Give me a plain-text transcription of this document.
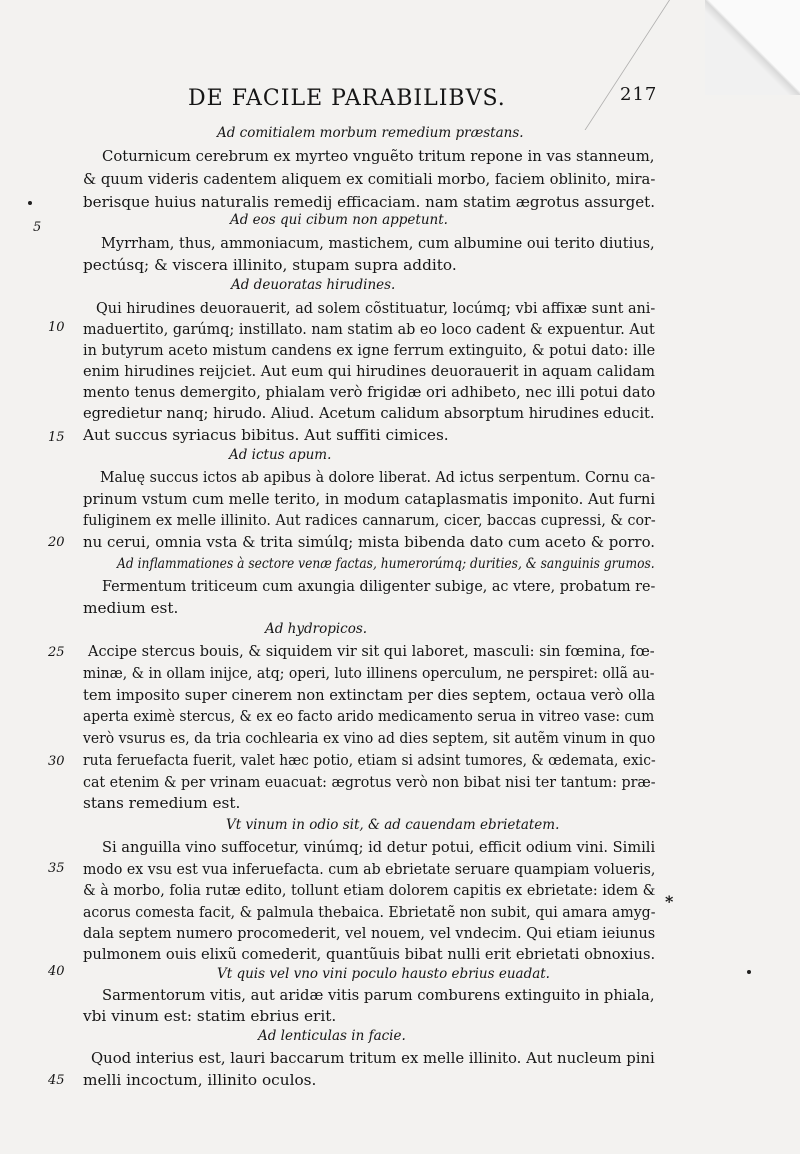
DE FACILE PARABILIBVS.	217
Ad comitialem morbum remedium præstans.
Coturnicum cerebrum ex myrteo vnguẽto tritum repone in vas stanneum,
& quum videris cadentem aliquem ex comitiali morbo, faciem oblinito, mira-
berisque huius naturalis remedij efficaciam. nam statim ægrotus assurget.
Ad eos qui cibum non appetunt.
Myrrham, thus, ammoniacum, mastichem, cum albumine oui terito diutius,
pectúsq; & viscera illinito, stupam supra addito.
Ad deuoratas hirudines.
Qui hirudines deuorauerit, ad solem cõstituatur, locúmq; vbi affixæ sunt ani-
maduertito, garúmq; instillato. nam statim ab eo loco cadent & expuentur. Aut
in butyrum aceto mistum candens ex igne ferrum extinguito, & potui dato: ille
enim hirudines reijciet. Aut eum qui hirudines deuorauerit in aquam calidam
mento tenus demergito, phialam verò frigidæ ori adhibeto, nec illi potui dato
egredietur nanq; hirudo. Aliud. Acetum calidum absorptum hirudines educit.
Aut succus syriacus bibitus. Aut suffiti cimices.
Ad ictus apum.
Maluę succus ictos ab apibus à dolore liberat. Ad ictus serpentum. Cornu ca-
prinum vstum cum melle terito, in modum cataplasmatis imponito. Aut furni
fuliginem ex melle illinito. Aut radices cannarum, cicer, baccas cupressi, & cor-
nu cerui, omnia vsta & trita simúlq; mista bibenda dato cum aceto & porro.
Ad inflammationes à sectore venæ factas, humerorúmq; durities, & sanguinis grumos.
Fermentum triticeum cum axungia diligenter subige, ac vtere, probatum re-
medium est.
Ad hydropicos.
Accipe stercus bouis, & siquidem vir sit qui laboret, masculi: sin fœmina, fœ-
minæ, & in ollam inijce, atq; operi, luto illinens operculum, ne perspiret: ollã au-
tem imposito super cinerem non extinctam per dies septem, octaua verò olla
aperta eximè stercus, & ex eo facto arido medicamento serua in vitreo vase: cum
verò vsurus es, da tria cochlearia ex vino ad dies septem, sit autẽm vinum in quo
ruta feruefacta fuerit, valet hæc potio, etiam si adsint tumores, & œdemata, exic-
cat etenim & per vrinam euacuat: ægrotus verò non bibat nisi ter tantum: præ-
stans remedium est.
Vt vinum in odio sit, & ad cauendam ebrietatem.
Si anguilla vino suffocetur, vinúmq; id detur potui, efficit odium vini. Simili
modo ex vsu est vua inferuefacta. cum ab ebrietate seruare quampiam volueris,
& à morbo, folia rutæ edito, tollunt etiam dolorem capitis ex ebrietate: idem &
acorus comesta facit, & palmula thebaica. Ebrietatẽ non subit, qui amara amyg-
dala septem numero procomederit, vel nouem, vel vndecim. Qui etiam ieiunus
pulmonem ouis elixũ comederit, quantũuis bibat nulli erit ebrietati obnoxius.
Vt quis vel vno vini poculo hausto ebrius euadat.
Sarmentorum vitis, aut aridæ vitis parum comburens extinguito in phiala,
vbi vinum est: statim ebrius erit.
Ad lenticulas in facie.
Quod interius est, lauri baccarum tritum ex melle illinito. Aut nucleum pini
melli incoctum, illinito oculos.
5
10
15
20
25
30
35
40
45
*
